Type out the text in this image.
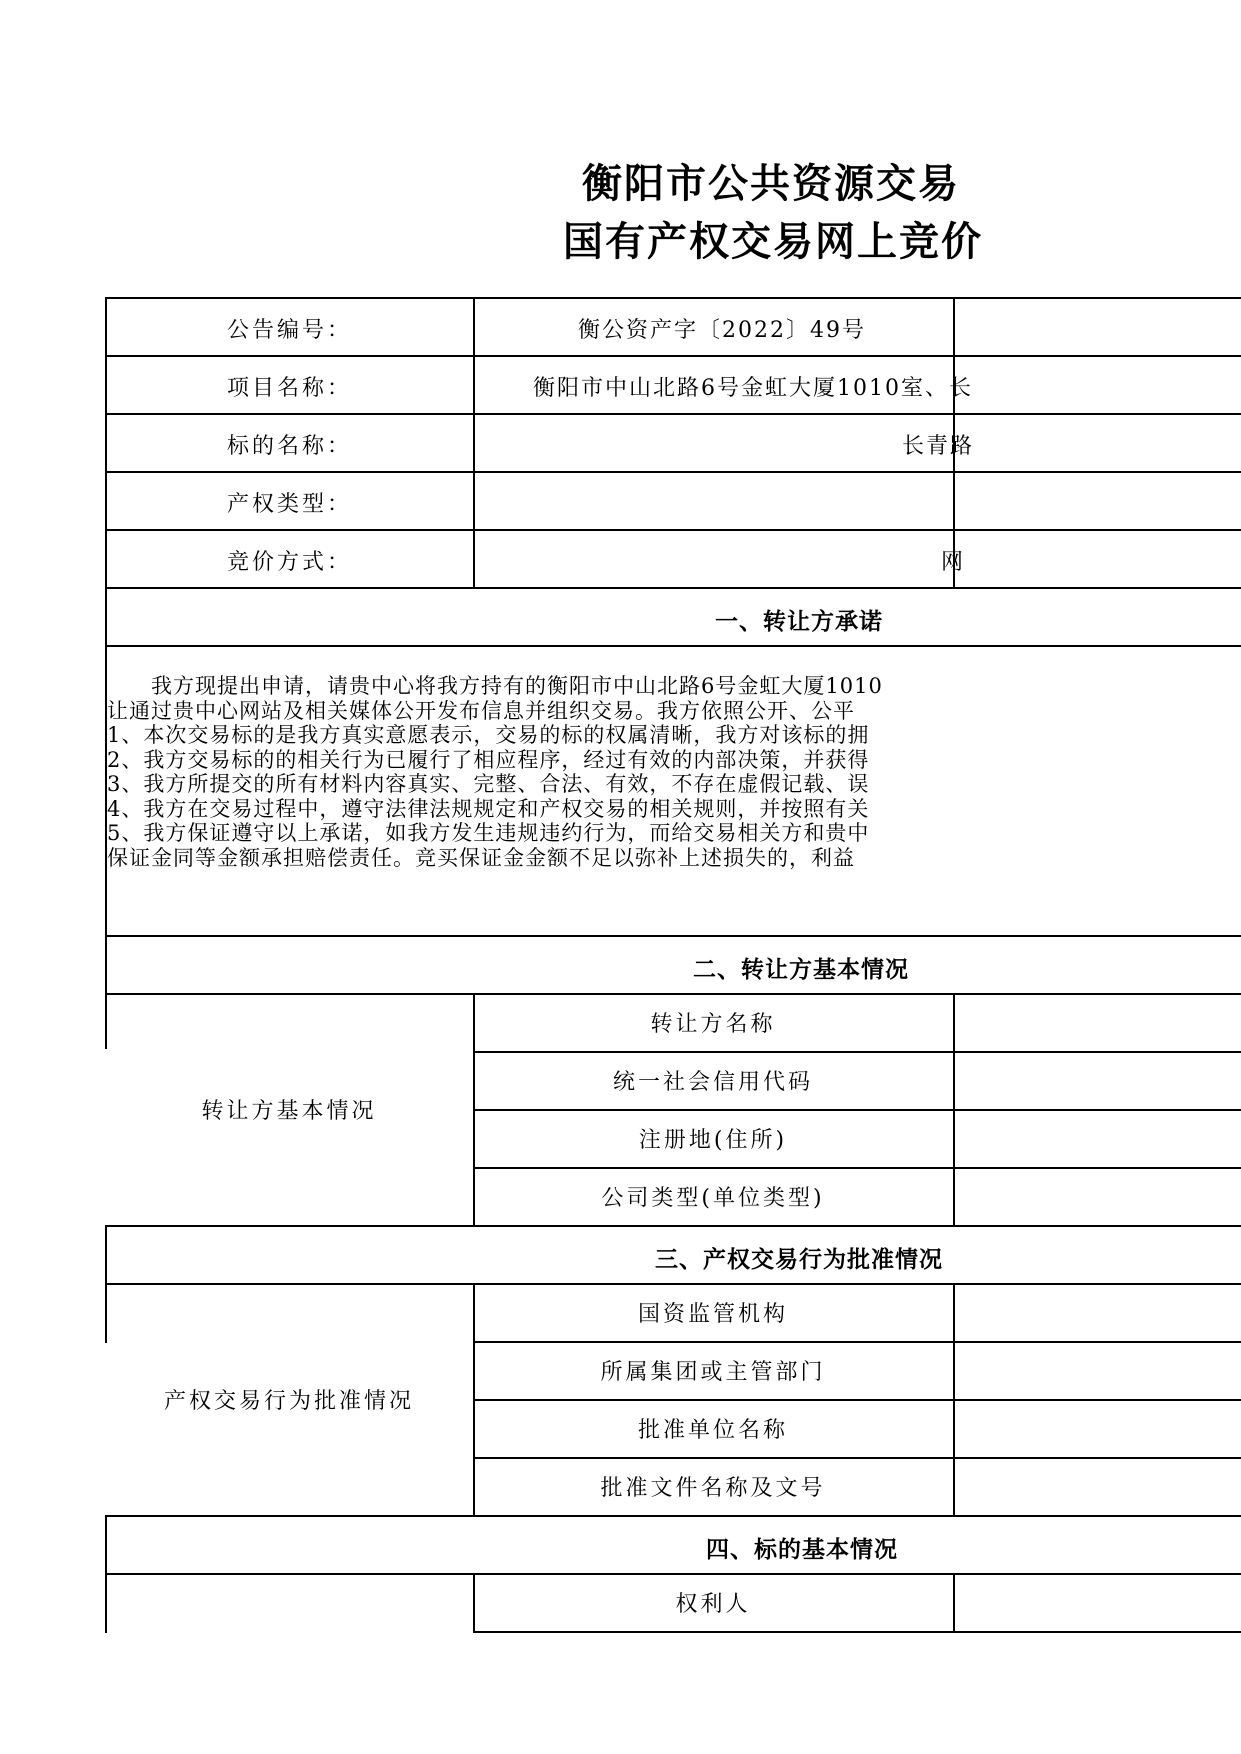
衡阳市公共资源交易
国有产权交易网上竞价
公告编号：	衡公资产字〔2022〕49号
项目名称：	衡阳市中山北路6号金虹大厦1010室、长
标的名称：	长青路
产权类型：
竞价方式：	网
一、转让方承诺
　　我方现提出申请，请贵中心将我方持有的衡阳市中山北路6号金虹大厦1010
让通过贵中心网站及相关媒体公开发布信息并组织交易。我方依照公开、公平
1、本次交易标的是我方真实意愿表示，交易的标的权属清晰，我方对该标的拥
2、我方交易标的的相关行为已履行了相应程序，经过有效的内部决策，并获得
3、我方所提交的所有材料内容真实、完整、合法、有效，不存在虚假记载、误
4、我方在交易过程中，遵守法律法规规定和产权交易的相关规则，并按照有关
5、我方保证遵守以上承诺，如我方发生违规违约行为，而给交易相关方和贵中
保证金同等金额承担赔偿责任。竞买保证金金额不足以弥补上述损失的，利益
二、转让方基本情况
转让方基本情况
转让方名称
统一社会信用代码
注册地(住所)
公司类型(单位类型)
三、产权交易行为批准情况
产权交易行为批准情况
国资监管机构
所属集团或主管部门
批准单位名称
批准文件名称及文号
四、标的基本情况
权利人
